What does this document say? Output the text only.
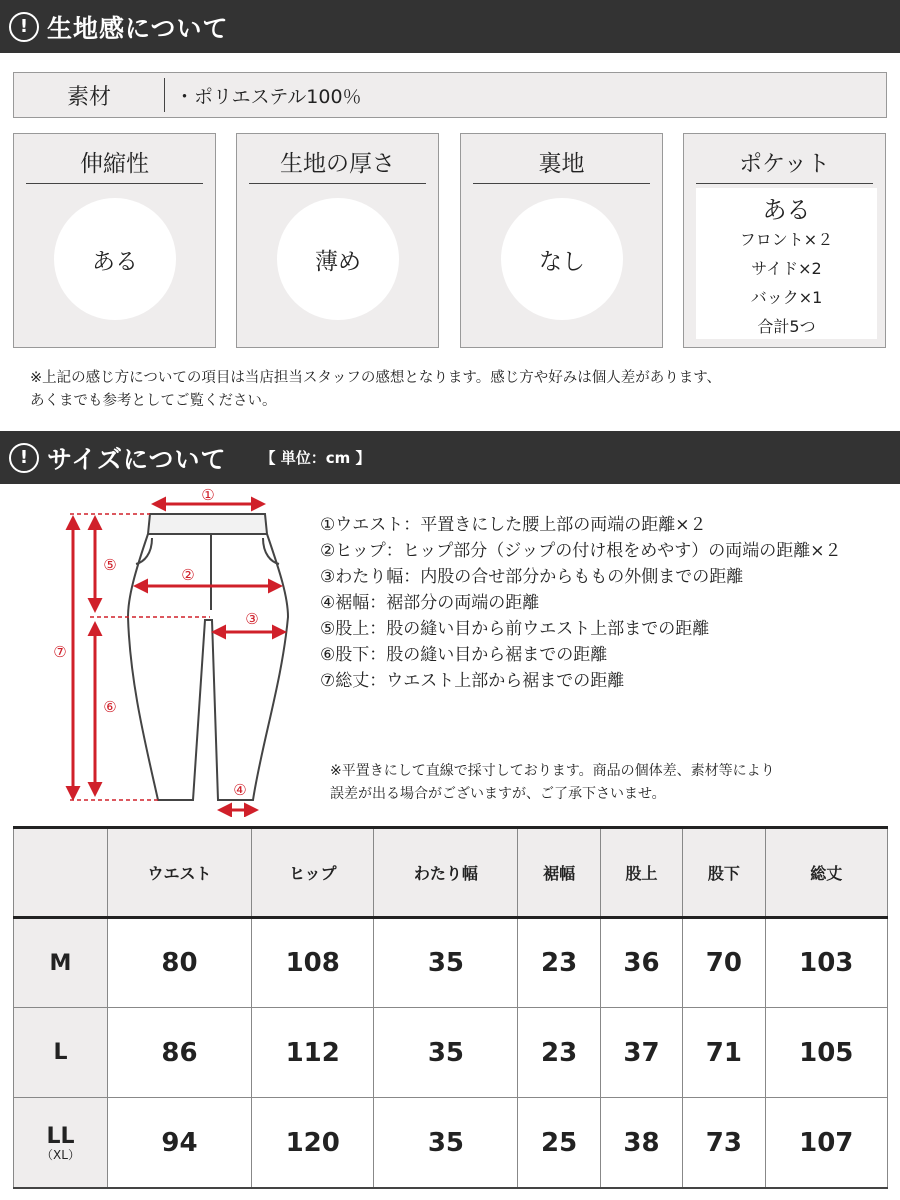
! 生地感について
素材	・ポリエステル100％
伸縮性
ある
生地の厚さ
薄め
裏地
なし
ポケット
ある
フロント×２
サイド×2
バック×1
合計5つ
※上記の感じ方についての項目は当店担当スタッフの感想となります。感じ方や好みは個人差があります、
あくまでも参考としてご覧ください。
! サイズについて 【 単位：cm 】
①
②
③
④
⑤
⑥
⑦
①ウエスト：平置きにした腰上部の両端の距離×２
②ヒップ：ヒップ部分（ジップの付け根をめやす）の両端の距離×２
③わたり幅：内股の合せ部分からももの外側までの距離
④裾幅：裾部分の両端の距離
⑤股上：股の縫い目から前ウエスト上部までの距離
⑥股下：股の縫い目から裾までの距離
⑦総丈：ウエスト上部から裾までの距離
※平置きにして直線で採寸しております。商品の個体差、素材等により
誤差が出る場合がございますが、ご了承下さいませ。
	ウエスト	ヒップ	わたり幅	裾幅	股上	股下	総丈
M	80	108	35	23	36	70	103
L	86	112	35	23	37	71	105

LL
（XL）	94	120	35	25	38	73	107
